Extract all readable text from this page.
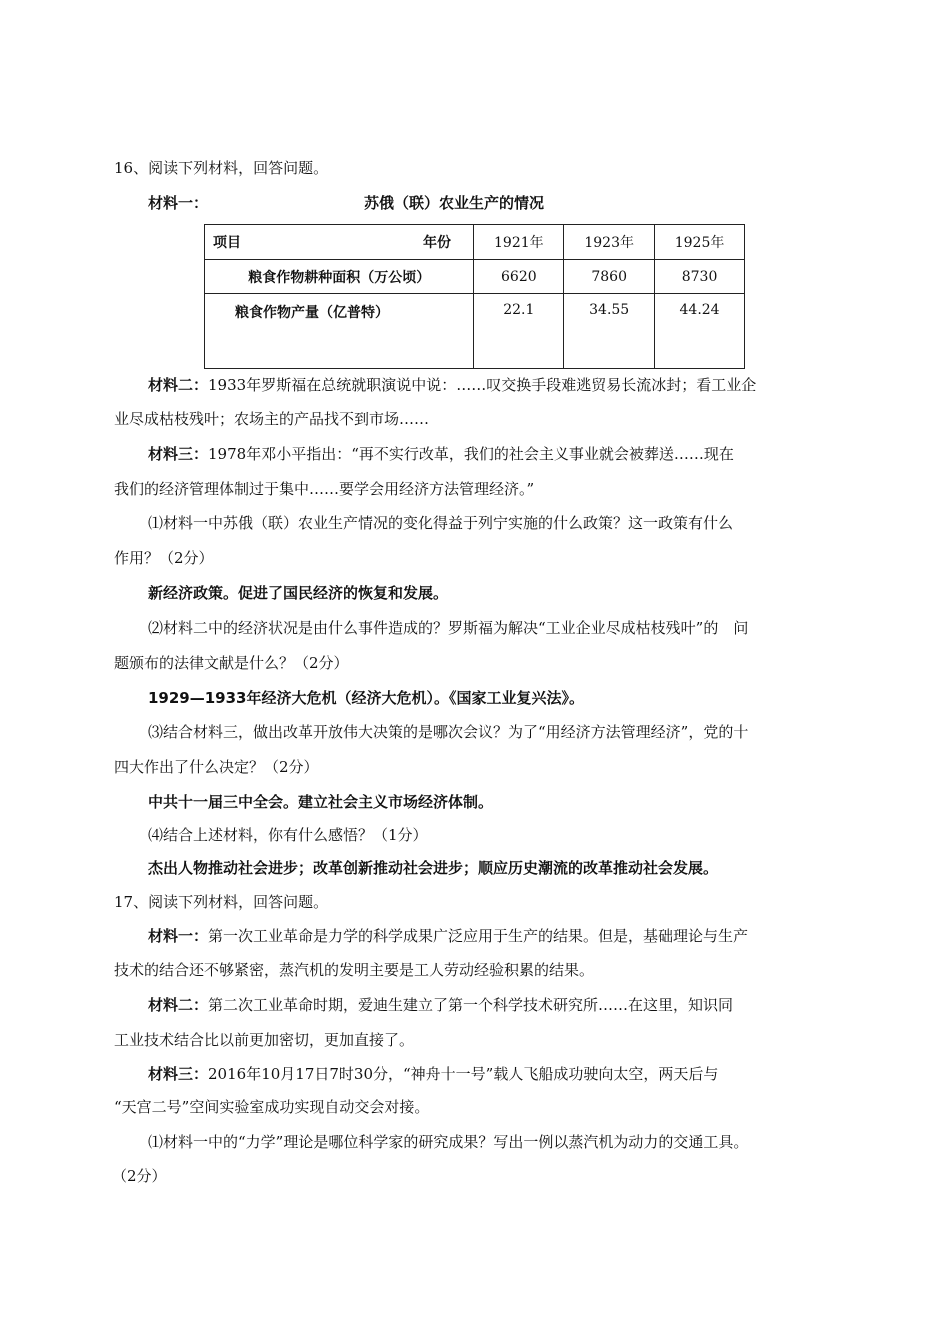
16、阅读下列材料，回答问题。
材料一：	苏俄（联）农业生产的情况
项目 年份	1921年	1923年	1925年
粮食作物耕种面积（万公顷）	6620	7860	8730
粮食作物产量（亿普特）	22.1	34.55	44.24
材料二：1933年罗斯福在总统就职演说中说：……叹交换手段难逃贸易长流冰封；看工业企
业尽成枯枝残叶；农场主的产品找不到市场……
材料三：1978年邓小平指出：“再不实行改革，我们的社会主义事业就会被葬送……现在
我们的经济管理体制过于集中……要学会用经济方法管理经济。”
⑴材料一中苏俄（联）农业生产情况的变化得益于列宁实施的什么政策？这一政策有什么
作用？（2分）
新经济政策。促进了国民经济的恢复和发展。
⑵材料二中的经济状况是由什么事件造成的？罗斯福为解决“工业企业尽成枯枝残叶”的　问
题颁布的法律文献是什么？（2分）
1929—1933年经济大危机（经济大危机）。《国家工业复兴法》。
⑶结合材料三，做出改革开放伟大决策的是哪次会议？为了“用经济方法管理经济”，党的十
四大作出了什么决定？（2分）
中共十一届三中全会。建立社会主义市场经济体制。
⑷结合上述材料，你有什么感悟？（1分）
杰出人物推动社会进步；改革创新推动社会进步；顺应历史潮流的改革推动社会发展。
17、阅读下列材料，回答问题。
材料一：第一次工业革命是力学的科学成果广泛应用于生产的结果。但是，基础理论与生产
技术的结合还不够紧密，蒸汽机的发明主要是工人劳动经验积累的结果。
材料二：第二次工业革命时期，爱迪生建立了第一个科学技术研究所……在这里，知识同
工业技术结合比以前更加密切，更加直接了。
材料三：2016年10月17日7时30分，“神舟十一号”载人飞船成功驶向太空，两天后与
“天宫二号”空间实验室成功实现自动交会对接。
⑴材料一中的“力学”理论是哪位科学家的研究成果？写出一例以蒸汽机为动力的交通工具。
（2分）
